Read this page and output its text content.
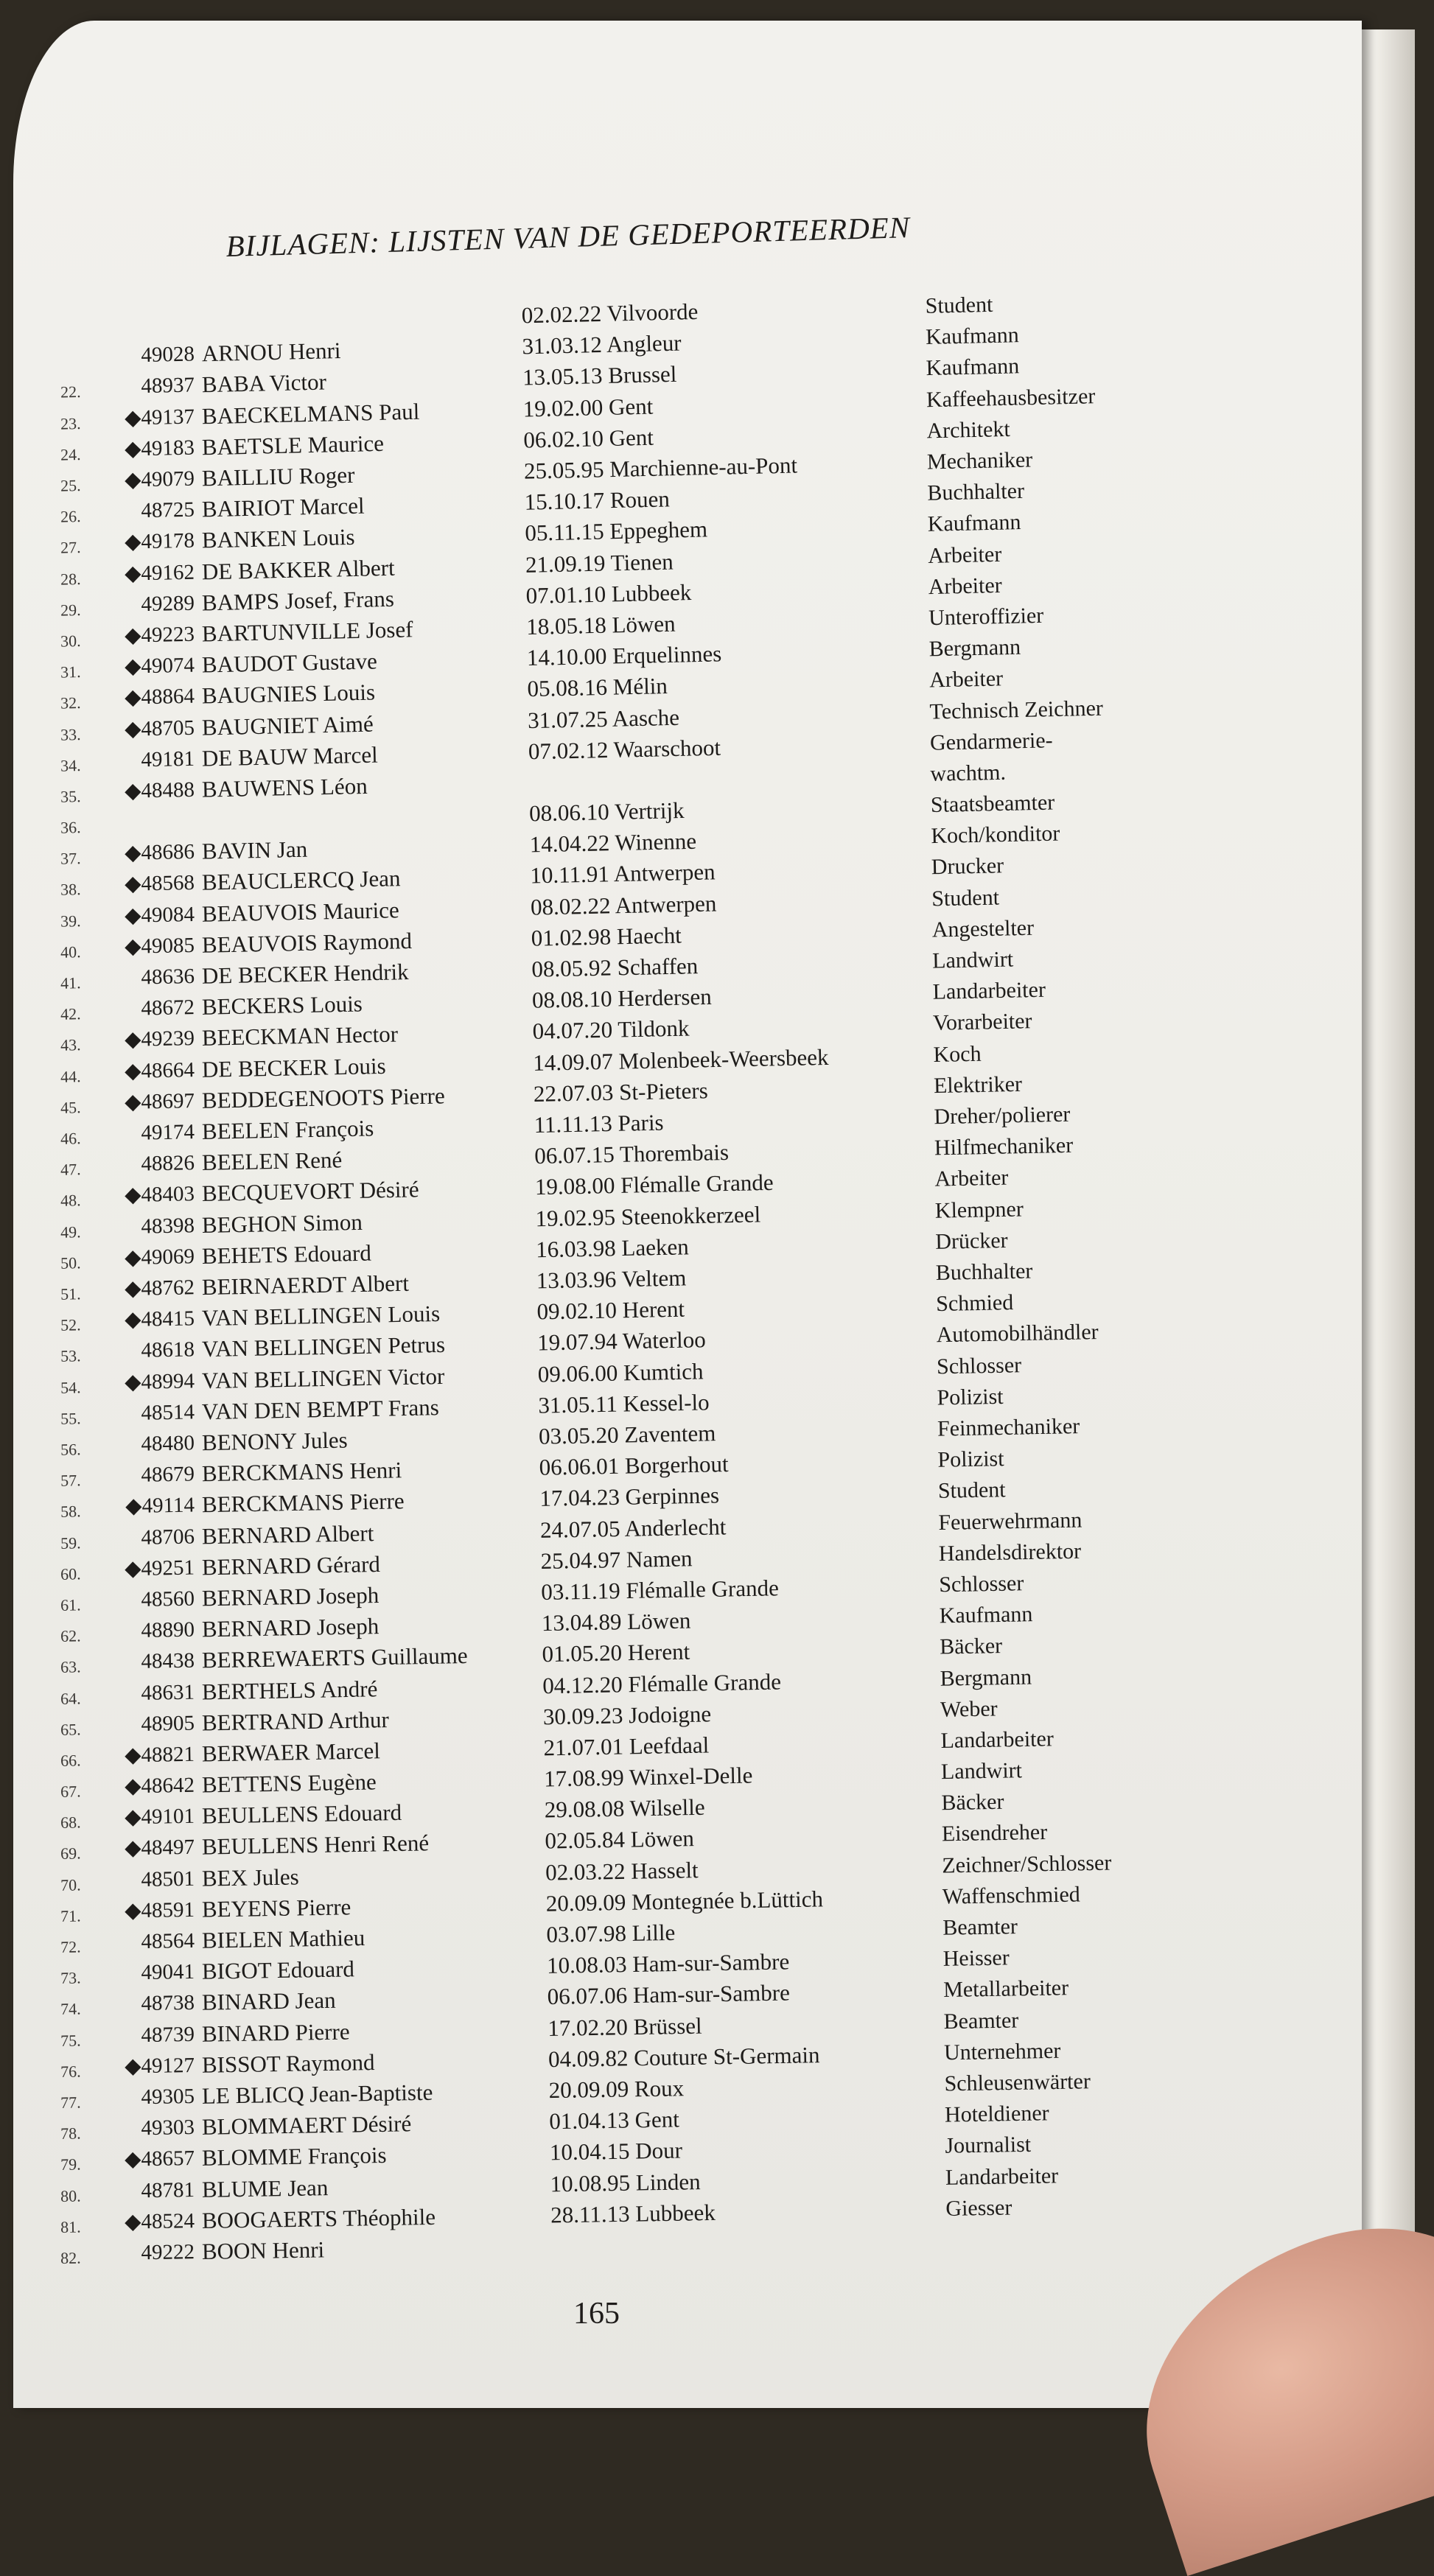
BIJLAGEN: LIJSTEN VAN DE GEDEPORTEERDEN
02.02.22 Vilvoorde	Student
49028 ARNOU Henri	31.03.12 Angleur	Kaufmann
22.	48937 BABA Victor	13.05.13 Brussel	Kaufmann
23.	◆49137 BAECKELMANS Paul	19.02.00 Gent	Kaffeehausbesitzer
24.	◆49183 BAETSLE Maurice	06.02.10 Gent	Architekt
25.	◆49079 BAILLIU Roger	25.05.95 Marchienne-au-Pont	Mechaniker
26.	48725 BAIRIOT Marcel	15.10.17 Rouen	Buchhalter
27.	◆49178 BANKEN Louis	05.11.15 Eppeghem	Kaufmann
28.	◆49162 DE BAKKER Albert	21.09.19 Tienen	Arbeiter
29.	49289 BAMPS Josef, Frans	07.01.10 Lubbeek	Arbeiter
30.	◆49223 BARTUNVILLE Josef	18.05.18 Löwen	Unteroffizier
31.	◆49074 BAUDOT Gustave	14.10.00 Erquelinnes	Bergmann
32.	◆48864 BAUGNIES Louis	05.08.16 Mélin	Arbeiter
33.	◆48705 BAUGNIET Aimé	31.07.25 Aasche	Technisch Zeichner
34.	49181 DE BAUW Marcel	07.02.12 Waarschoot	Gendarmerie-
35.	◆48488 BAUWENS Léon	wachtm.
36.
08.06.10 Vertrijk	Staatsbeamter
37.	◆48686 BAVIN Jan	14.04.22 Winenne	Koch/konditor
38.	◆48568 BEAUCLERCQ Jean	10.11.91 Antwerpen	Drucker
39.	◆49084 BEAUVOIS Maurice	08.02.22 Antwerpen	Student
40.	◆49085 BEAUVOIS Raymond	01.02.98 Haecht	Angestelter
41.	48636 DE BECKER Hendrik	08.05.92 Schaffen	Landwirt
42.	48672 BECKERS Louis	08.08.10 Herdersen	Landarbeiter
43.	◆49239 BEECKMAN Hector	04.07.20 Tildonk	Vorarbeiter
44.	◆48664 DE BECKER Louis	14.09.07 Molenbeek-Weersbeek	Koch
45.	◆48697 BEDDEGENOOTS Pierre	22.07.03 St-Pieters	Elektriker
46.	49174 BEELEN François	11.11.13 Paris	Dreher/polierer
47.	48826 BEELEN René	06.07.15 Thorembais	Hilfmechaniker
48.	◆48403 BECQUEVORT Désiré	19.08.00 Flémalle Grande	Arbeiter
49.	48398 BEGHON Simon	19.02.95 Steenokkerzeel	Klempner
50.	◆49069 BEHETS Edouard	16.03.98 Laeken	Drücker
51.	◆48762 BEIRNAERDT Albert	13.03.96 Veltem	Buchhalter
52.	◆48415 VAN BELLINGEN Louis	09.02.10 Herent	Schmied
53.	48618 VAN BELLINGEN Petrus	19.07.94 Waterloo	Automobilhändler
54.	◆48994 VAN BELLINGEN Victor	09.06.00 Kumtich	Schlosser
55.	48514 VAN DEN BEMPT Frans	31.05.11 Kessel-lo	Polizist
56.	48480 BENONY Jules	03.05.20 Zaventem	Feinmechaniker
57.	48679 BERCKMANS Henri	06.06.01 Borgerhout	Polizist
58.	◆49114 BERCKMANS Pierre	17.04.23 Gerpinnes	Student
59.	48706 BERNARD Albert	24.07.05 Anderlecht	Feuerwehrmann
60.	◆49251 BERNARD Gérard	25.04.97 Namen	Handelsdirektor
61.	48560 BERNARD Joseph	03.11.19 Flémalle Grande	Schlosser
62.	48890 BERNARD Joseph	13.04.89 Löwen	Kaufmann
63.	48438 BERREWAERTS Guillaume	01.05.20 Herent	Bäcker
64.	48631 BERTHELS André	04.12.20 Flémalle Grande	Bergmann
65.	48905 BERTRAND Arthur	30.09.23 Jodoigne	Weber
66.	◆48821 BERWAER Marcel	21.07.01 Leefdaal	Landarbeiter
67.	◆48642 BETTENS Eugène	17.08.99 Winxel-Delle	Landwirt
68.	◆49101 BEULLENS Edouard	29.08.08 Wilselle	Bäcker
69.	◆48497 BEULLENS Henri René	02.05.84 Löwen	Eisendreher
70.	48501 BEX Jules	02.03.22 Hasselt	Zeichner/Schlosser
71.	◆48591 BEYENS Pierre	20.09.09 Montegnée b.Lüttich	Waffenschmied
72.	48564 BIELEN Mathieu	03.07.98 Lille	Beamter
73.	49041 BIGOT Edouard	10.08.03 Ham-sur-Sambre	Heisser
74.	48738 BINARD Jean	06.07.06 Ham-sur-Sambre	Metallarbeiter
75.	48739 BINARD Pierre	17.02.20 Brüssel	Beamter
76.	◆49127 BISSOT Raymond	04.09.82 Couture St-Germain	Unternehmer
77.	49305 LE BLICQ Jean-Baptiste	20.09.09 Roux	Schleusenwärter
78.	49303 BLOMMAERT Désiré	01.04.13 Gent	Hoteldiener
79.	◆48657 BLOMME François	10.04.15 Dour	Journalist
80.	48781 BLUME Jean	10.08.95 Linden	Landarbeiter
81.	◆48524 BOOGAERTS Théophile	28.11.13 Lubbeek	Giesser
82.	49222 BOON Henri
165
